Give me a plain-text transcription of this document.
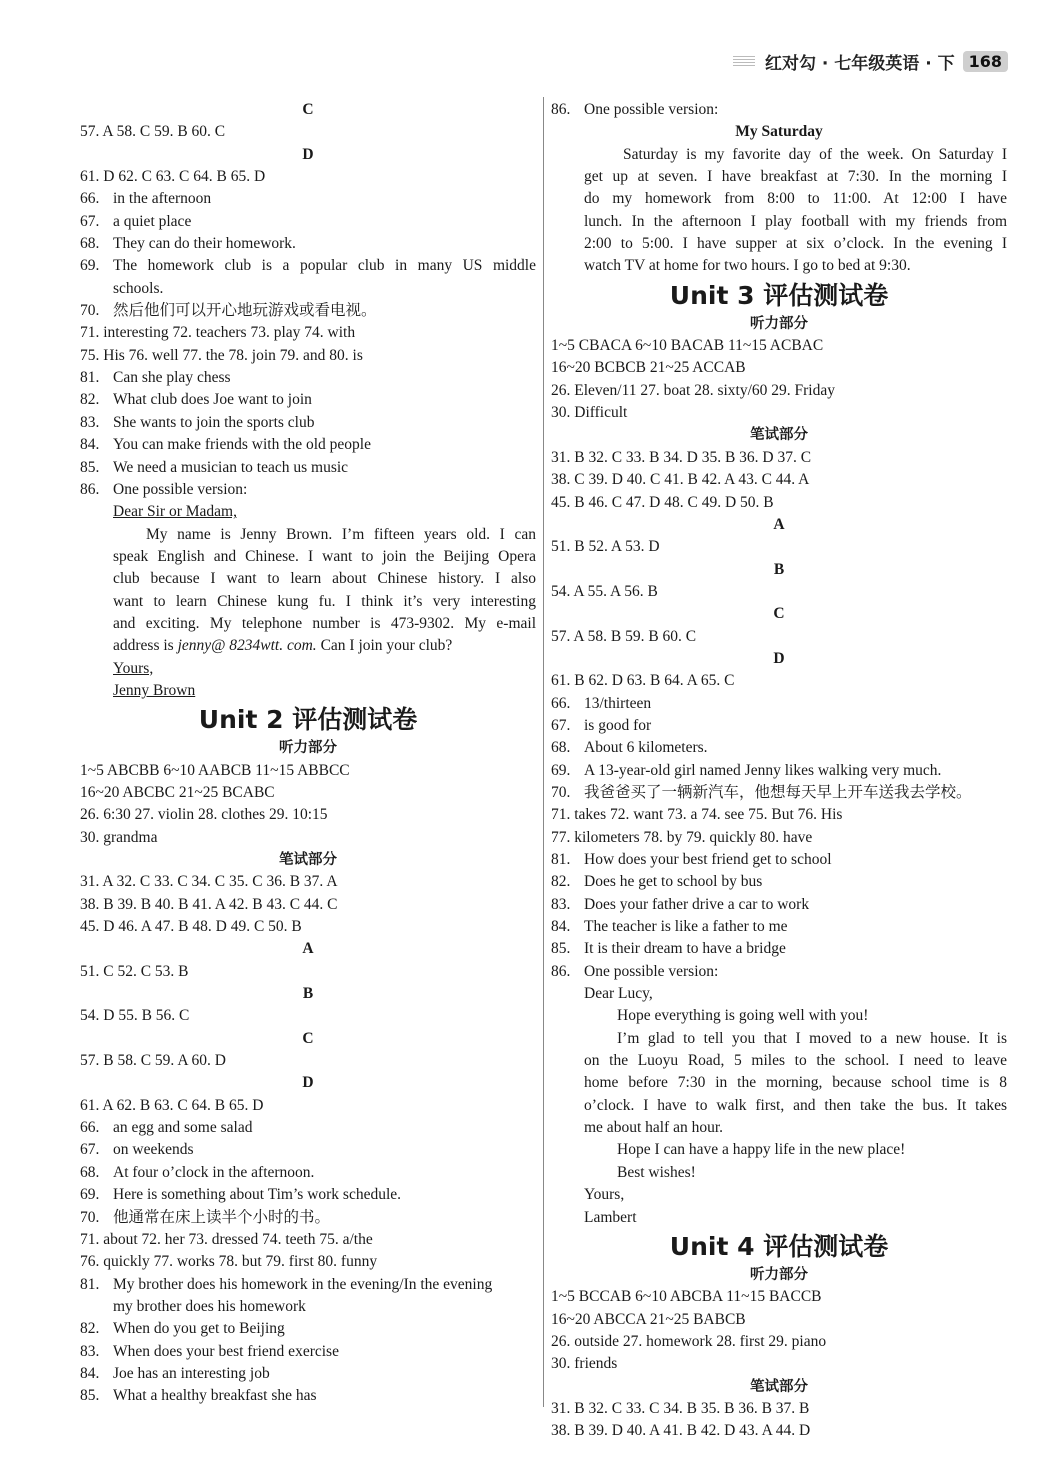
红对勾 · 七年级英语 · 下 168
C
57. A 58. C 59. B 60. C
D
61. D 62. C 63. C 64. B 65. D
66. in the afternoon
67. a quiet place
68. They can do their homework.
69. The homework club is a popular club in many US middle
schools.
70. 然后他们可以开心地玩游戏或看电视。
71. interesting 72. teachers 73. play 74. with
75. His 76. well 77. the 78. join 79. and 80. is
81. Can she play chess
82. What club does Joe want to join
83. She wants to join the sports club
84. You can make friends with the old people
85. We need a musician to teach us music
86. One possible version:
Dear Sir or Madam,
My name is Jenny Brown. I’m fifteen years old. I can
speak English and Chinese. I want to join the Beijing Opera
club because I want to learn about Chinese history. I also
want to learn Chinese kung fu. I think it’s very interesting
and exciting. My telephone number is 473-9302. My e-mail
address is jenny@ 8234wtt. com. Can I join your club?
Yours,
Jenny Brown
Unit 2 评估测试卷
听力部分
1~5 ABCBB 6~10 AABCB 11~15 ABBCC
16~20 ABCBC 21~25 BCABC
26. 6:30 27. violin 28. clothes 29. 10:15
30. grandma
笔试部分
31. A 32. C 33. C 34. C 35. C 36. B 37. A
38. B 39. B 40. B 41. A 42. B 43. C 44. C
45. D 46. A 47. B 48. D 49. C 50. B
A
51. C 52. C 53. B
B
54. D 55. B 56. C
C
57. B 58. C 59. A 60. D
D
61. A 62. B 63. C 64. B 65. D
66. an egg and some salad
67. on weekends
68. At four o’clock in the afternoon.
69. Here is something about Tim’s work schedule.
70. 他通常在床上读半个小时的书。
71. about 72. her 73. dressed 74. teeth 75. a/the
76. quickly 77. works 78. but 79. first 80. funny
81. My brother does his homework in the evening/In the evening
my brother does his homework
82. When do you get to Beijing
83. When does your best friend exercise
84. Joe has an interesting job
85. What a healthy breakfast she has
86. One possible version:
My Saturday
Saturday is my favorite day of the week. On Saturday I
get up at seven. I have breakfast at 7:30. In the morning I
do my homework from 8:00 to 11:00. At 12:00 I have
lunch. In the afternoon I play football with my friends from
2:00 to 5:00. I have supper at six o’clock. In the evening I
watch TV at home for two hours. I go to bed at 9:30.
Unit 3 评估测试卷
听力部分
1~5 CBACA 6~10 BACAB 11~15 ACBAC
16~20 BCBCB 21~25 ACCAB
26. Eleven/11 27. boat 28. sixty/60 29. Friday
30. Difficult
笔试部分
31. B 32. C 33. B 34. D 35. B 36. D 37. C
38. C 39. D 40. C 41. B 42. A 43. C 44. A
45. B 46. C 47. D 48. C 49. D 50. B
A
51. B 52. A 53. D
B
54. A 55. A 56. B
C
57. A 58. B 59. B 60. C
D
61. B 62. D 63. B 64. A 65. C
66. 13/thirteen
67. is good for
68. About 6 kilometers.
69. A 13-year-old girl named Jenny likes walking very much.
70. 我爸爸买了一辆新汽车，他想每天早上开车送我去学校。
71. takes 72. want 73. a 74. see 75. But 76. His
77. kilometers 78. by 79. quickly 80. have
81. How does your best friend get to school
82. Does he get to school by bus
83. Does your father drive a car to work
84. The teacher is like a father to me
85. It is their dream to have a bridge
86. One possible version:
Dear Lucy,
Hope everything is going well with you!
I’m glad to tell you that I moved to a new house. It is
on the Luoyu Road, 5 miles to the school. I need to leave
home before 7:30 in the morning, because school time is 8
o’clock. I have to walk first, and then take the bus. It takes
me about half an hour.
Hope I can have a happy life in the new place!
Best wishes!
Yours,
Lambert
Unit 4 评估测试卷
听力部分
1~5 BCCAB 6~10 ABCBA 11~15 BACCB
16~20 ABCCA 21~25 BABCB
26. outside 27. homework 28. first 29. piano
30. friends
笔试部分
31. B 32. C 33. C 34. B 35. B 36. B 37. B
38. B 39. D 40. A 41. B 42. D 43. A 44. D
